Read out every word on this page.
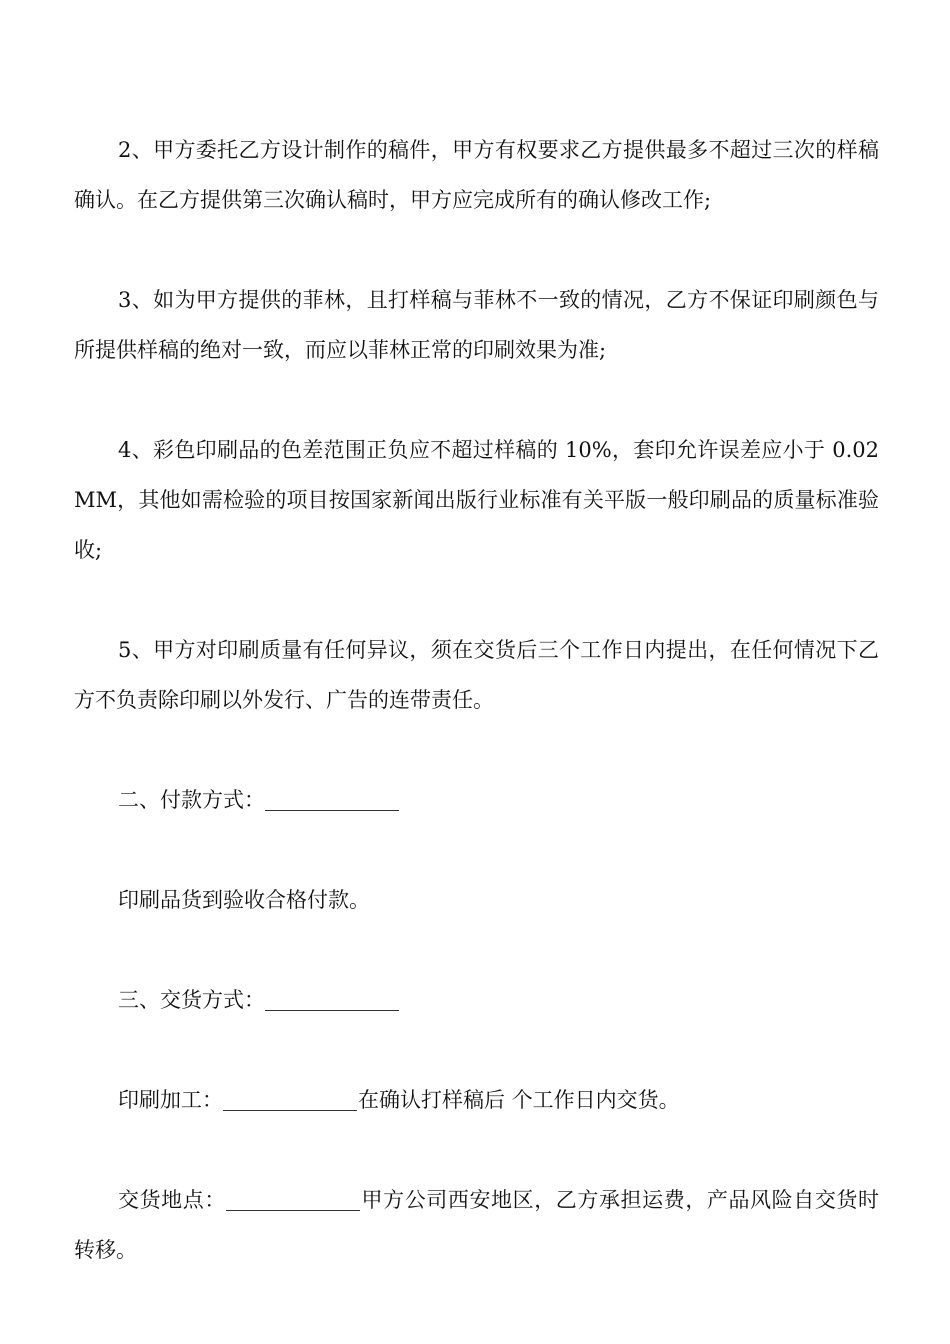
2、甲方委托乙方设计制作的稿件，甲方有权要求乙方提供最多不超过三次的样稿确认。在乙方提供第三次确认稿时，甲方应完成所有的确认修改工作;

3、如为甲方提供的菲林，且打样稿与菲林不一致的情况，乙方不保证印刷颜色与所提供样稿的绝对一致，而应以菲林正常的印刷效果为准;

4、彩色印刷品的色差范围正负应不超过样稿的 10%，套印允许误差应小于 0.02MM，其他如需检验的项目按国家新闻出版行业标准有关平版一般印刷品的质量标准验收;

5、甲方对印刷质量有任何异议，须在交货后三个工作日内提出，在任何情况下乙方不负责除印刷以外发行、广告的连带责任。

二、付款方式：

印刷品货到验收合格付款。

三、交货方式：

印刷加工：	在确认打样稿后 个工作日内交货。

交货地点：	甲方公司西安地区，乙方承担运费，产品风险自交货时转移。
